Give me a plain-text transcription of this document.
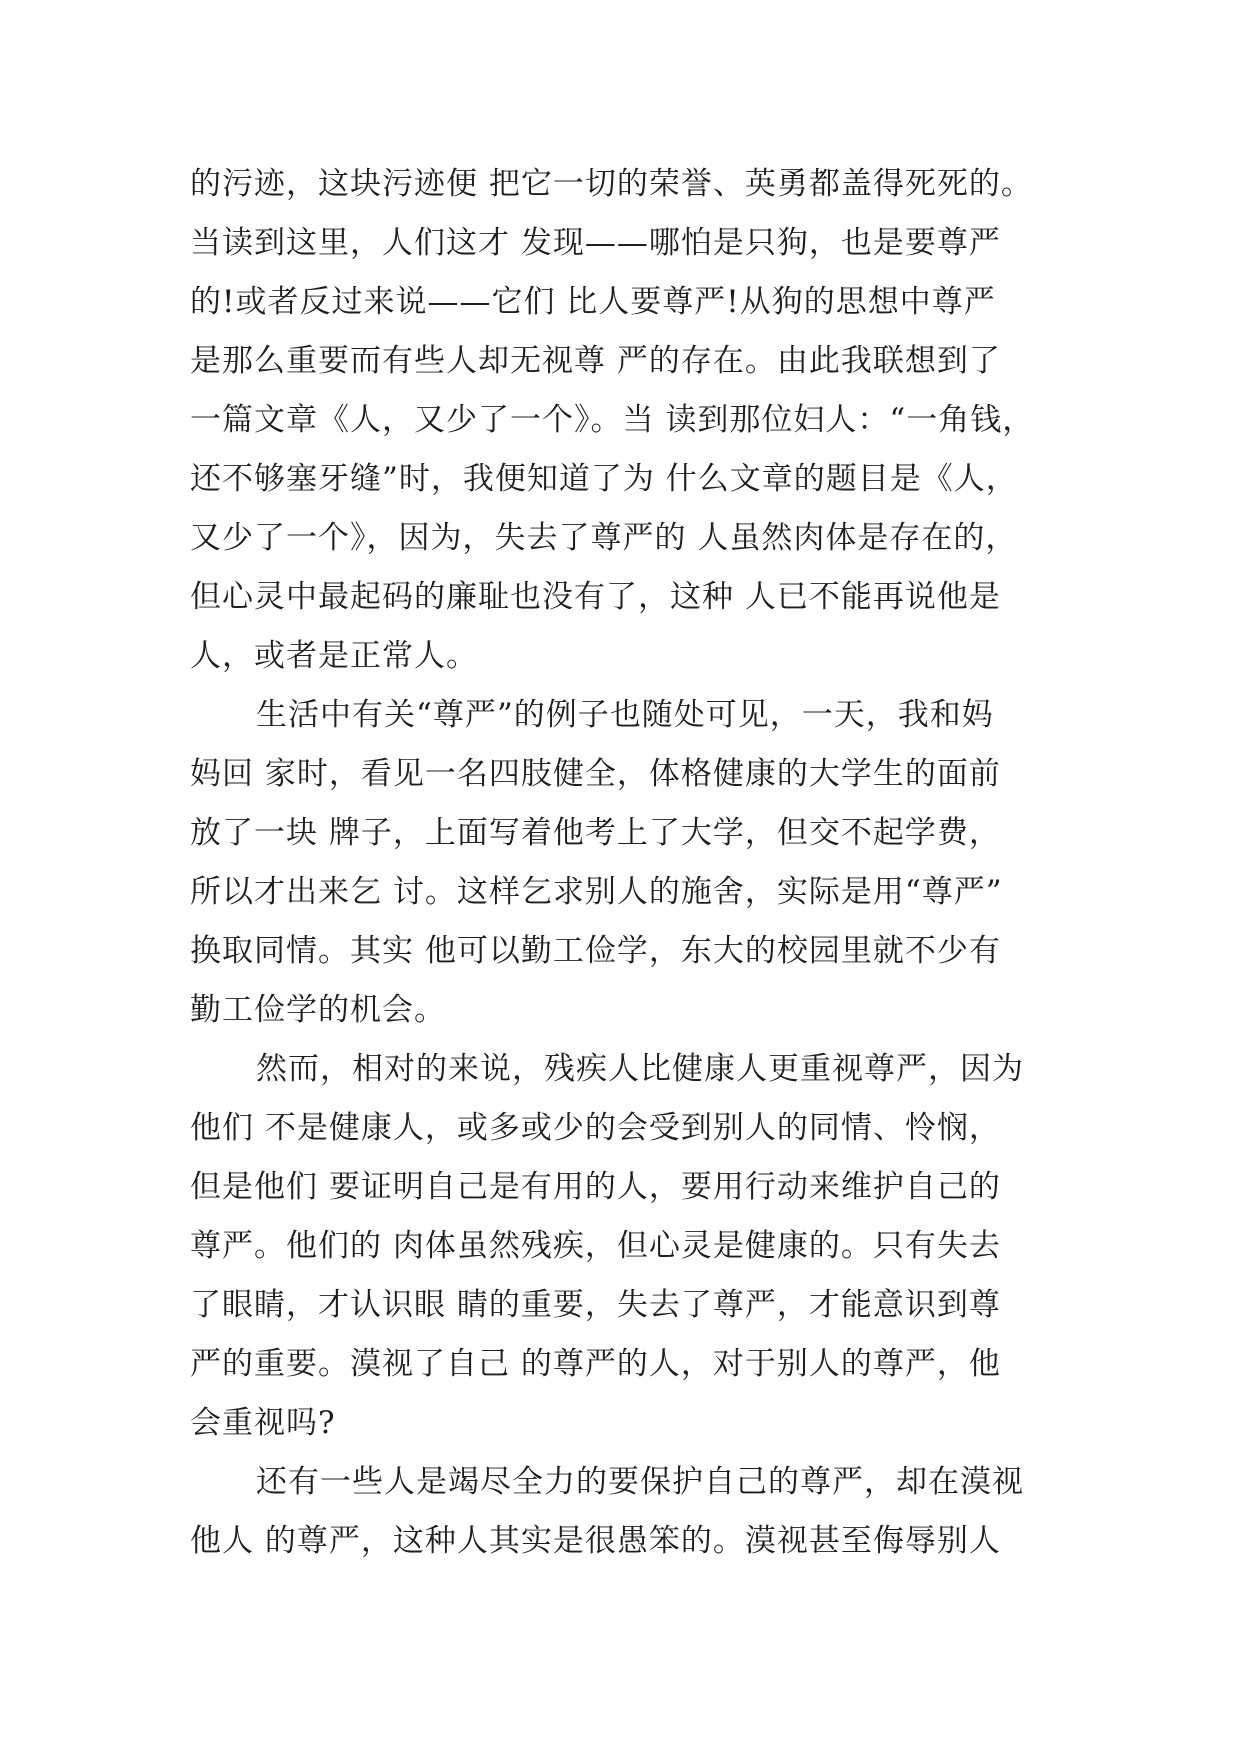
的污迹，这块污迹便 把它一切的荣誉、英勇都盖得死死的。
当读到这里，人们这才 发现——哪怕是只狗，也是要尊严
的!或者反过来说——它们 比人要尊严!从狗的思想中尊严
是那么重要而有些人却无视尊 严的存在。由此我联想到了
一篇文章《人，又少了一个》。当 读到那位妇人：“一角钱，
还不够塞牙缝”时，我便知道了为 什么文章的题目是《人，
又少了一个》，因为，失去了尊严的 人虽然肉体是存在的，
但心灵中最起码的廉耻也没有了，这种 人已不能再说他是
人，或者是正常人。
生活中有关“尊严”的例子也随处可见，一天，我和妈
妈回 家时，看见一名四肢健全，体格健康的大学生的面前
放了一块 牌子，上面写着他考上了大学，但交不起学费，
所以才出来乞 讨。这样乞求别人的施舍，实际是用“尊严”
换取同情。其实 他可以勤工俭学，东大的校园里就不少有
勤工俭学的机会。
然而，相对的来说，残疾人比健康人更重视尊严，因为
他们 不是健康人，或多或少的会受到别人的同情、怜悯，
但是他们 要证明自己是有用的人，要用行动来维护自己的
尊严。他们的 肉体虽然残疾，但心灵是健康的。只有失去
了眼睛，才认识眼 睛的重要，失去了尊严，才能意识到尊
严的重要。漠视了自己 的尊严的人，对于别人的尊严，他
会重视吗?
还有一些人是竭尽全力的要保护自己的尊严，却在漠视
他人 的尊严，这种人其实是很愚笨的。漠视甚至侮辱别人
